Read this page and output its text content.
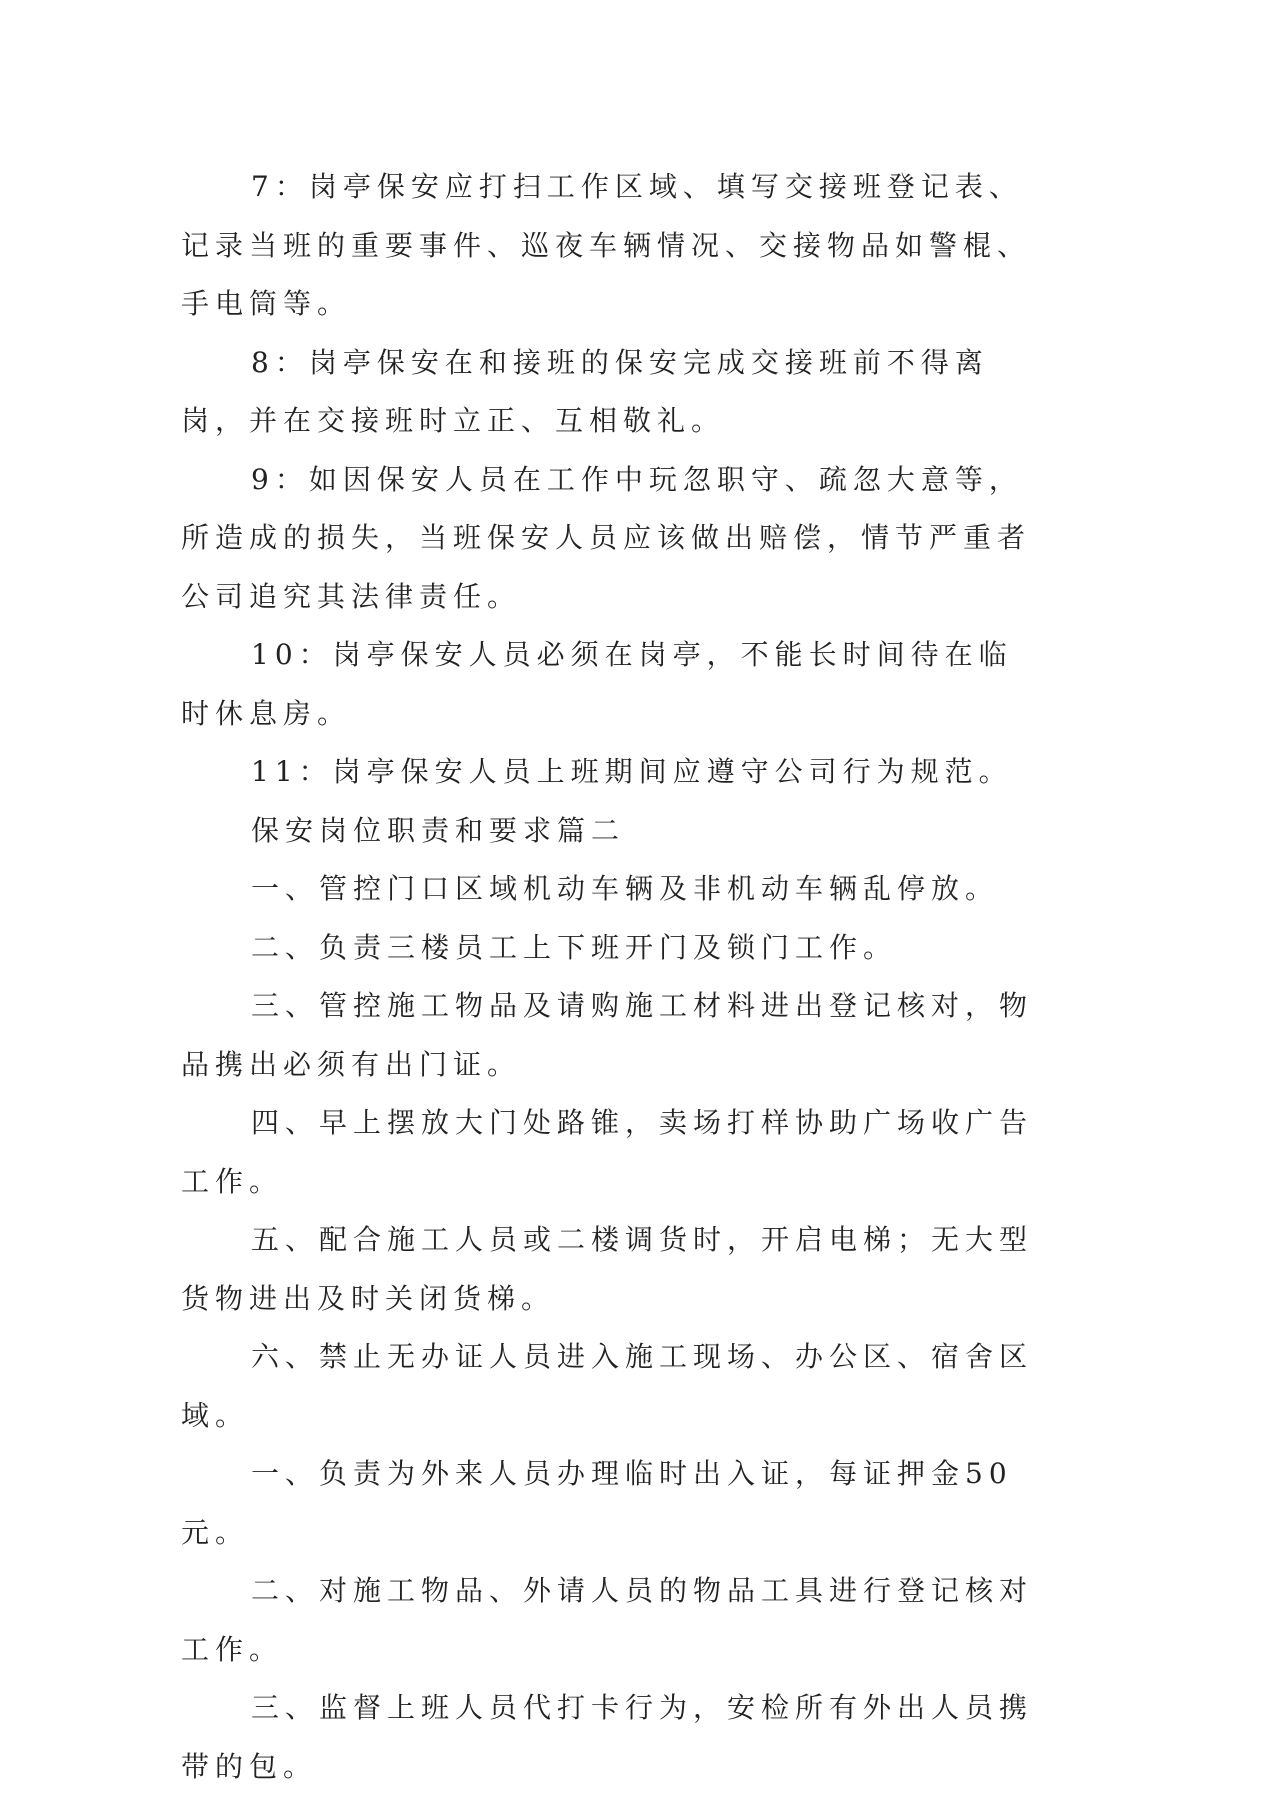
7：岗亭保安应打扫工作区域、填写交接班登记表、记录当班的重要事件、巡夜车辆情况、交接物品如警棍、手电筒等。

8：岗亭保安在和接班的保安完成交接班前不得离岗，并在交接班时立正、互相敬礼。

9：如因保安人员在工作中玩忽职守、疏忽大意等，所造成的损失，当班保安人员应该做出赔偿，情节严重者公司追究其法律责任。

10：岗亭保安人员必须在岗亭，不能长时间待在临时休息房。

11：岗亭保安人员上班期间应遵守公司行为规范。

保安岗位职责和要求篇二

一、管控门口区域机动车辆及非机动车辆乱停放。

二、负责三楼员工上下班开门及锁门工作。

三、管控施工物品及请购施工材料进出登记核对，物品携出必须有出门证。

四、早上摆放大门处路锥，卖场打样协助广场收广告工作。

五、配合施工人员或二楼调货时，开启电梯；无大型货物进出及时关闭货梯。

六、禁止无办证人员进入施工现场、办公区、宿舍区域。

一、负责为外来人员办理临时出入证，每证押金50元。

二、对施工物品、外请人员的物品工具进行登记核对工作。

三、监督上班人员代打卡行为，安检所有外出人员携带的包。
